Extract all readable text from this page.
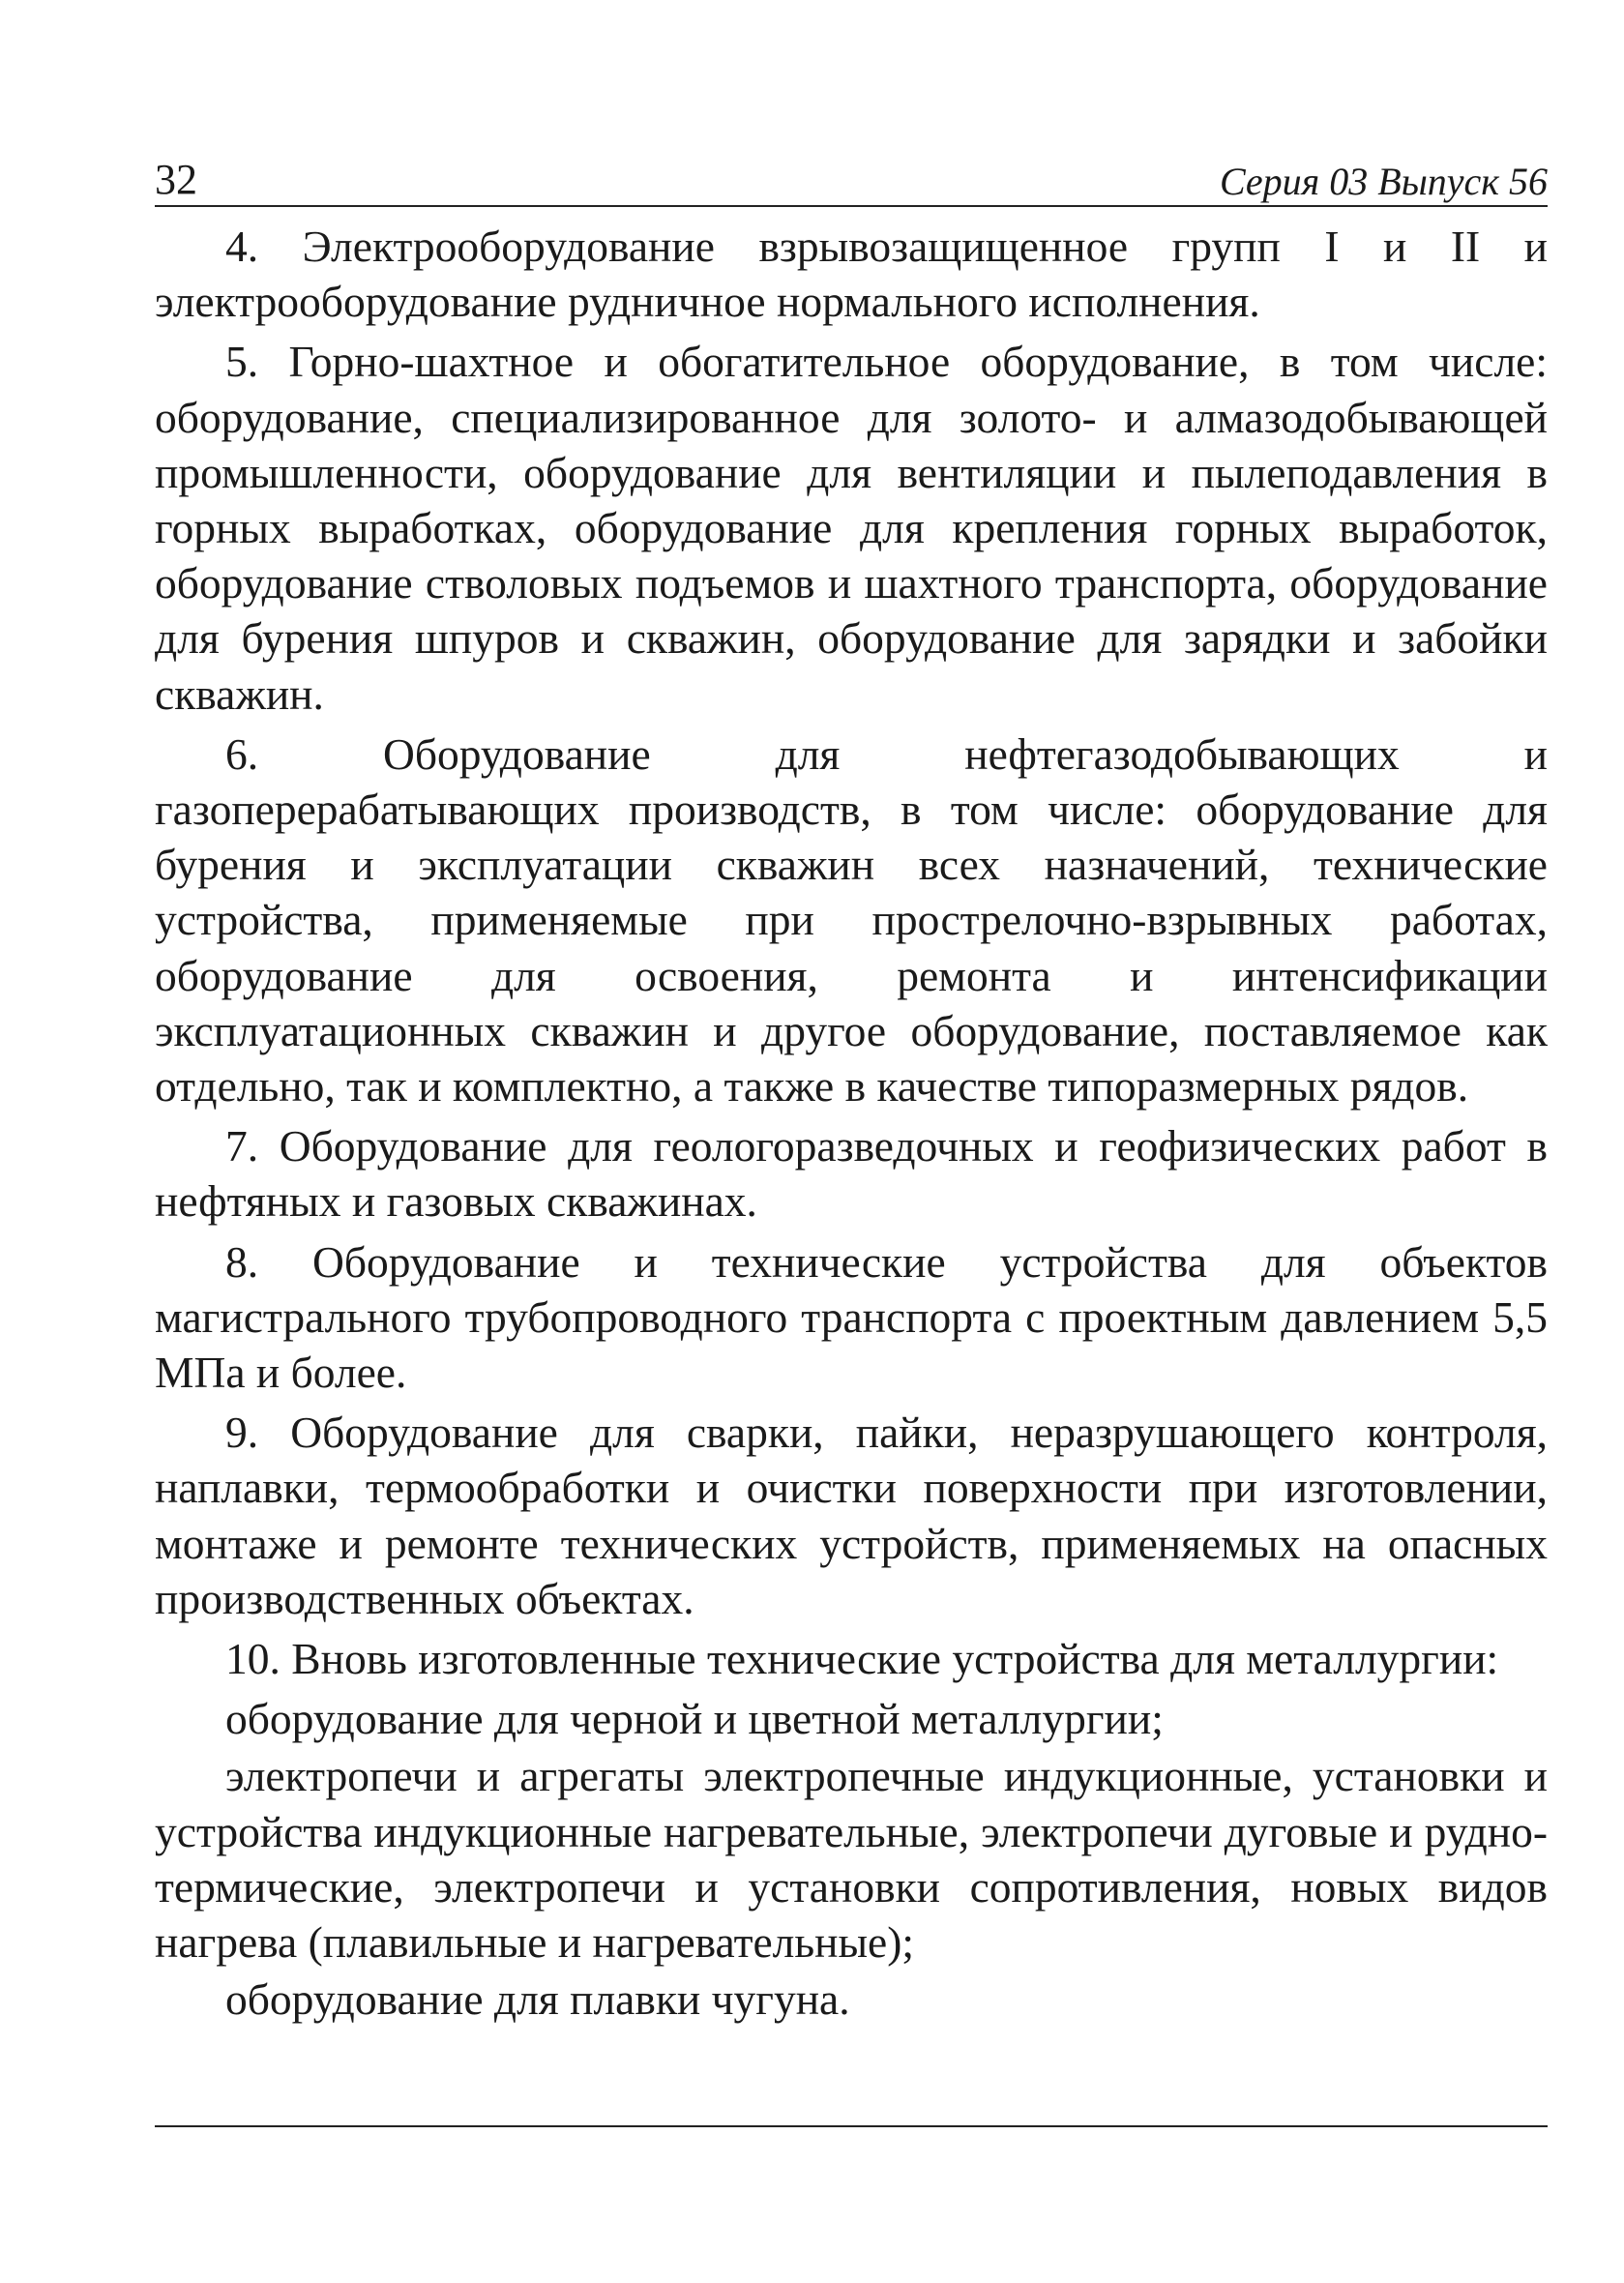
32	Серия 03 Выпуск 56

4. Электрооборудование взрывозащищенное групп I и II и электрооборудование рудничное нормального исполнения.

5. Горно-шахтное и обогатительное оборудование, в том числе: оборудование, специализированное для золото- и алмазодобывающей промышленности, оборудование для вентиляции и пылеподавления в горных выработках, оборудование для крепления горных выработок, оборудование стволовых подъемов и шахтного транспорта, оборудование для бурения шпуров и скважин, оборудование для зарядки и забойки скважин.

6. Оборудование для нефтегазодобывающих и газоперерабатывающих производств, в том числе: оборудование для бурения и эксплуатации скважин всех назначений, технические устройства, применяемые при прострелочно-взрывных работах, оборудование для освоения, ремонта и интенсификации эксплуатационных скважин и другое оборудование, поставляемое как отдельно, так и комплектно, а также в качестве типоразмерных рядов.

7. Оборудование для геологоразведочных и геофизических работ в нефтяных и газовых скважинах.

8. Оборудование и технические устройства для объектов магистрального трубопроводного транспорта с проектным давлением 5,5 МПа и более.

9. Оборудование для сварки, пайки, неразрушающего контроля, наплавки, термообработки и очистки поверхности при изготовлении, монтаже и ремонте технических устройств, применяемых на опасных производственных объектах.

10. Вновь изготовленные технические устройства для металлургии:

оборудование для черной и цветной металлургии;

электропечи и агрегаты электропечные индукционные, установки и устройства индукционные нагревательные, электропечи дуговые и рудно-термические, электропечи и установки сопротивления, новых видов нагрева (плавильные и нагревательные);

оборудование для плавки чугуна.
